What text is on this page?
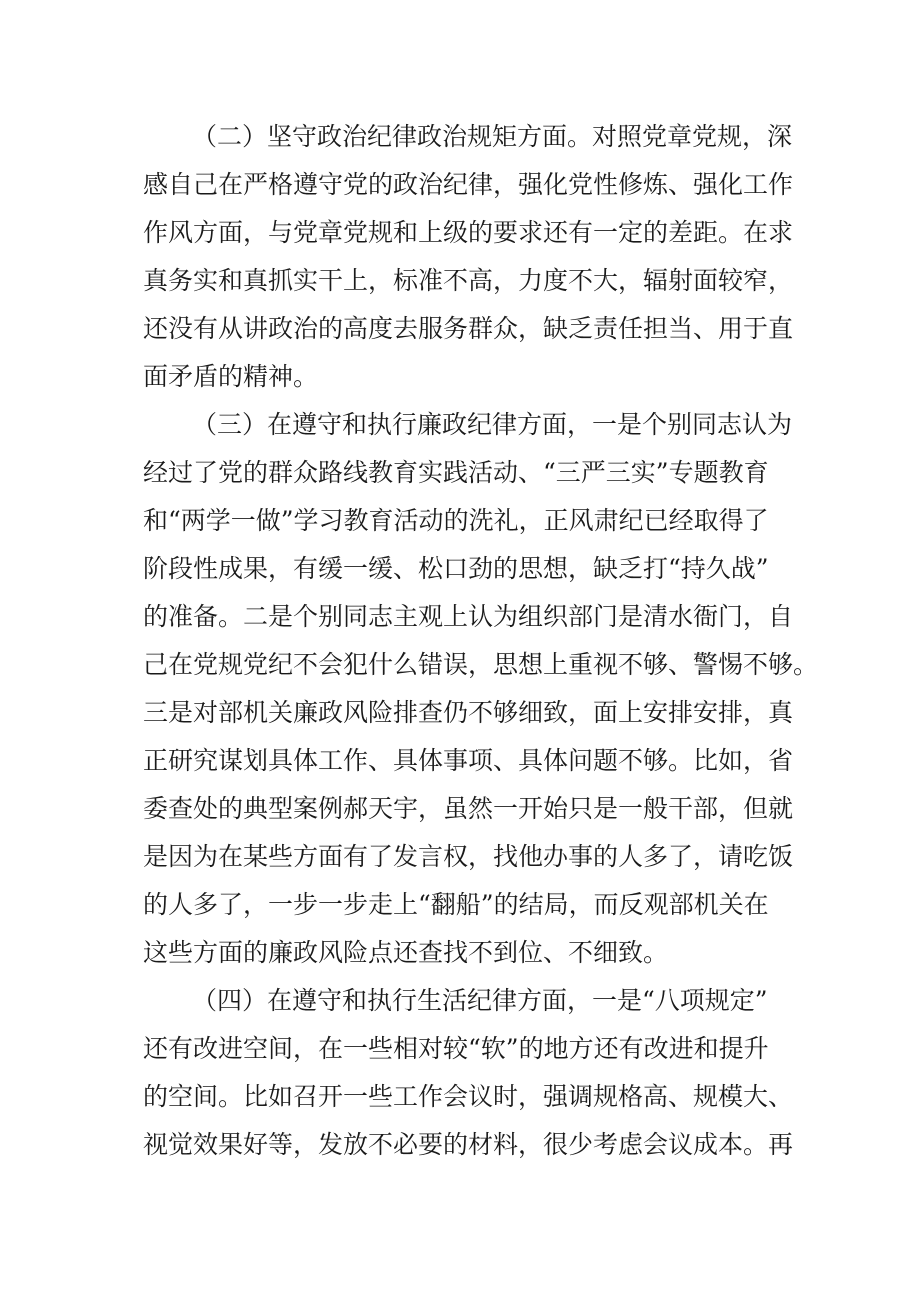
（二）坚守政治纪律政治规矩方面。对照党章党规，深
感自己在严格遵守党的政治纪律，强化党性修炼、强化工作
作风方面，与党章党规和上级的要求还有一定的差距。在求
真务实和真抓实干上，标准不高，力度不大，辐射面较窄，
还没有从讲政治的高度去服务群众，缺乏责任担当、用于直
面矛盾的精神。
（三）在遵守和执行廉政纪律方面，一是个别同志认为
经过了党的群众路线教育实践活动、“三严三实”专题教育
和“两学一做”学习教育活动的洗礼，正风肃纪已经取得了
阶段性成果，有缓一缓、松口劲的思想，缺乏打“持久战”
的准备。二是个别同志主观上认为组织部门是清水衙门，自
己在党规党纪不会犯什么错误，思想上重视不够、警惕不够。
三是对部机关廉政风险排查仍不够细致，面上安排安排，真
正研究谋划具体工作、具体事项、具体问题不够。比如，省
委查处的典型案例郝天宇，虽然一开始只是一般干部，但就
是因为在某些方面有了发言权，找他办事的人多了，请吃饭
的人多了，一步一步走上“翻船”的结局，而反观部机关在
这些方面的廉政风险点还查找不到位、不细致。
（四）在遵守和执行生活纪律方面，一是“八项规定”
还有改进空间，在一些相对较“软”的地方还有改进和提升
的空间。比如召开一些工作会议时，强调规格高、规模大、
视觉效果好等，发放不必要的材料，很少考虑会议成本。再
